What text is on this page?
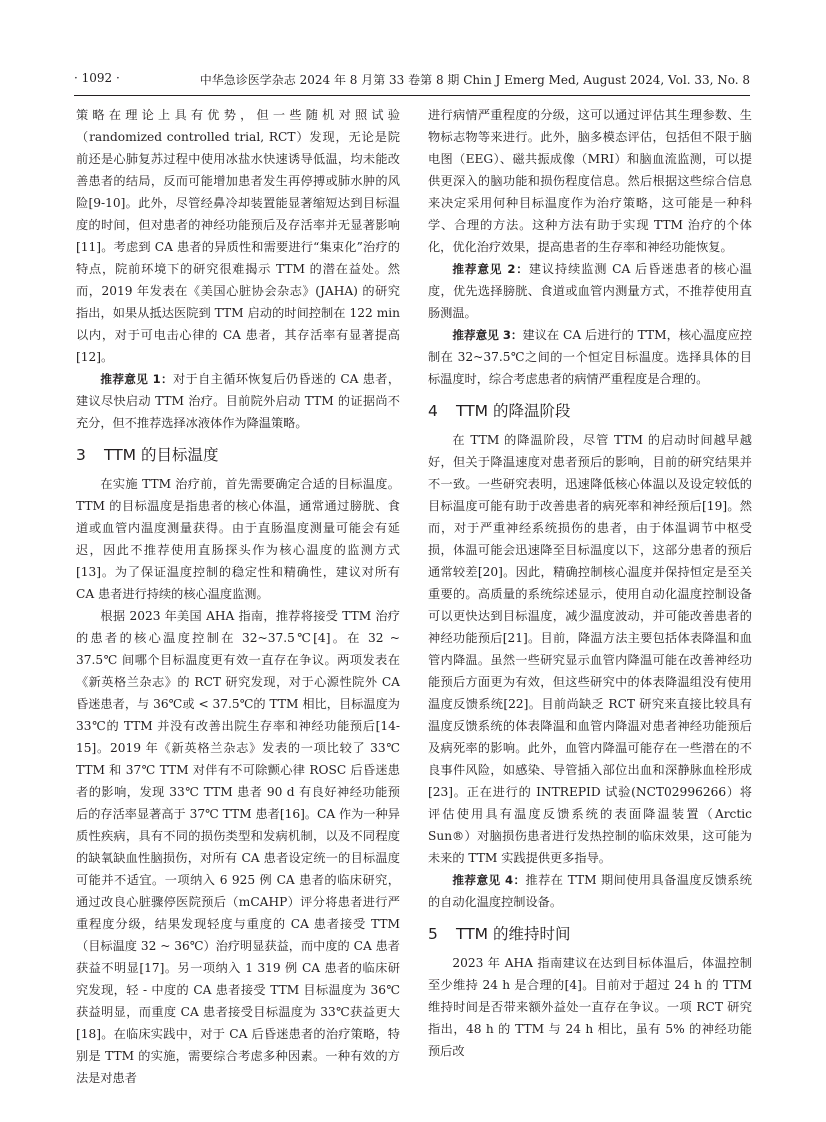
· 1092 ·	中华急诊医学杂志 2024 年 8 月第 33 卷第 8 期 Chin J Emerg Med, August 2024, Vol. 33, No. 8

策略在理论上具有优势，但一些随机对照试验（randomized controlled trial, RCT）发现，无论是院前还是心肺复苏过程中使用冰盐水快速诱导低温，均未能改善患者的结局，反而可能增加患者发生再停搏或肺水肿的风险[9-10]。此外，尽管经鼻冷却装置能显著缩短达到目标温度的时间，但对患者的神经功能预后及存活率并无显著影响[11]。考虑到 CA 患者的异质性和需要进行“集束化”治疗的特点，院前环境下的研究很难揭示 TTM 的潜在益处。然而，2019 年发表在《美国心脏协会杂志》(JAHA) 的研究指出，如果从抵达医院到 TTM 启动的时间控制在 122 min 以内，对于可电击心律的 CA 患者，其存活率有显著提高[12]。

推荐意见 1：对于自主循环恢复后仍昏迷的 CA 患者，建议尽快启动 TTM 治疗。目前院外启动 TTM 的证据尚不充分，但不推荐选择冰液体作为降温策略。

3 TTM 的目标温度

在实施 TTM 治疗前，首先需要确定合适的目标温度。TTM 的目标温度是指患者的核心体温，通常通过膀胱、食道或血管内温度测量获得。由于直肠温度测量可能会有延迟，因此不推荐使用直肠探头作为核心温度的监测方式[13]。为了保证温度控制的稳定性和精确性，建议对所有 CA 患者进行持续的核心温度监测。

根据 2023 年美国 AHA 指南，推荐将接受 TTM 治疗的患者的核心温度控制在 32~37.5℃[4]。在 32 ~ 37.5℃ 间哪个目标温度更有效一直存在争议。两项发表在《新英格兰杂志》的 RCT 研究发现，对于心源性院外 CA 昏迷患者，与 36℃或 < 37.5℃的 TTM 相比，目标温度为 33℃的 TTM 并没有改善出院生存率和神经功能预后[14-15]。2019 年《新英格兰杂志》发表的一项比较了 33℃ TTM 和 37℃ TTM 对伴有不可除颤心律 ROSC 后昏迷患者的影响，发现 33℃ TTM 患者 90 d 有良好神经功能预后的存活率显著高于 37℃ TTM 患者[16]。CA 作为一种异质性疾病，具有不同的损伤类型和发病机制，以及不同程度的缺氧缺血性脑损伤，对所有 CA 患者设定统一的目标温度可能并不适宜。一项纳入 6 925 例 CA 患者的临床研究，通过改良心脏骤停医院预后（mCAHP）评分将患者进行严重程度分级，结果发现轻度与重度的 CA 患者接受 TTM（目标温度 32 ~ 36℃）治疗明显获益，而中度的 CA 患者获益不明显[17]。另一项纳入 1 319 例 CA 患者的临床研究发现，轻 - 中度的 CA 患者接受 TTM 目标温度为 36℃获益明显，而重度 CA 患者接受目标温度为 33℃获益更大[18]。在临床实践中，对于 CA 后昏迷患者的治疗策略，特别是 TTM 的实施，需要综合考虑多种因素。一种有效的方法是对患者

进行病情严重程度的分级，这可以通过评估其生理参数、生物标志物等来进行。此外，脑多模态评估，包括但不限于脑电图（EEG）、磁共振成像（MRI）和脑血流监测，可以提供更深入的脑功能和损伤程度信息。然后根据这些综合信息来决定采用何种目标温度作为治疗策略，这可能是一种科学、合理的方法。这种方法有助于实现 TTM 治疗的个体化，优化治疗效果，提高患者的生存率和神经功能恢复。

推荐意见 2：建议持续监测 CA 后昏迷患者的核心温度，优先选择膀胱、食道或血管内测量方式，不推荐使用直肠测温。

推荐意见 3：建议在 CA 后进行的 TTM，核心温度应控制在 32~37.5℃之间的一个恒定目标温度。选择具体的目标温度时，综合考虑患者的病情严重程度是合理的。

4 TTM 的降温阶段

在 TTM 的降温阶段，尽管 TTM 的启动时间越早越好，但关于降温速度对患者预后的影响，目前的研究结果并不一致。一些研究表明，迅速降低核心体温以及设定较低的目标温度可能有助于改善患者的病死率和神经预后[19]。然而，对于严重神经系统损伤的患者，由于体温调节中枢受损，体温可能会迅速降至目标温度以下，这部分患者的预后通常较差[20]。因此，精确控制核心温度并保持恒定是至关重要的。高质量的系统综述显示，使用自动化温度控制设备可以更快达到目标温度，减少温度波动，并可能改善患者的神经功能预后[21]。目前，降温方法主要包括体表降温和血管内降温。虽然一些研究显示血管内降温可能在改善神经功能预后方面更为有效，但这些研究中的体表降温组没有使用温度反馈系统[22]。目前尚缺乏 RCT 研究来直接比较具有温度反馈系统的体表降温和血管内降温对患者神经功能预后及病死率的影响。此外，血管内降温可能存在一些潜在的不良事件风险，如感染、导管插入部位出血和深静脉血栓形成[23]。正在进行的 INTREPID 试验(NCT02996266）将评估使用具有温度反馈系统的表面降温装置（Arctic Sun®）对脑损伤患者进行发热控制的临床效果，这可能为未来的 TTM 实践提供更多指导。

推荐意见 4：推荐在 TTM 期间使用具备温度反馈系统的自动化温度控制设备。

5 TTM 的维持时间

2023 年 AHA 指南建议在达到目标体温后，体温控制至少维持 24 h 是合理的[4]。目前对于超过 24 h 的 TTM 维持时间是否带来额外益处一直存在争议。一项 RCT 研究指出，48 h 的 TTM 与 24 h 相比，虽有 5% 的神经功能预后改
